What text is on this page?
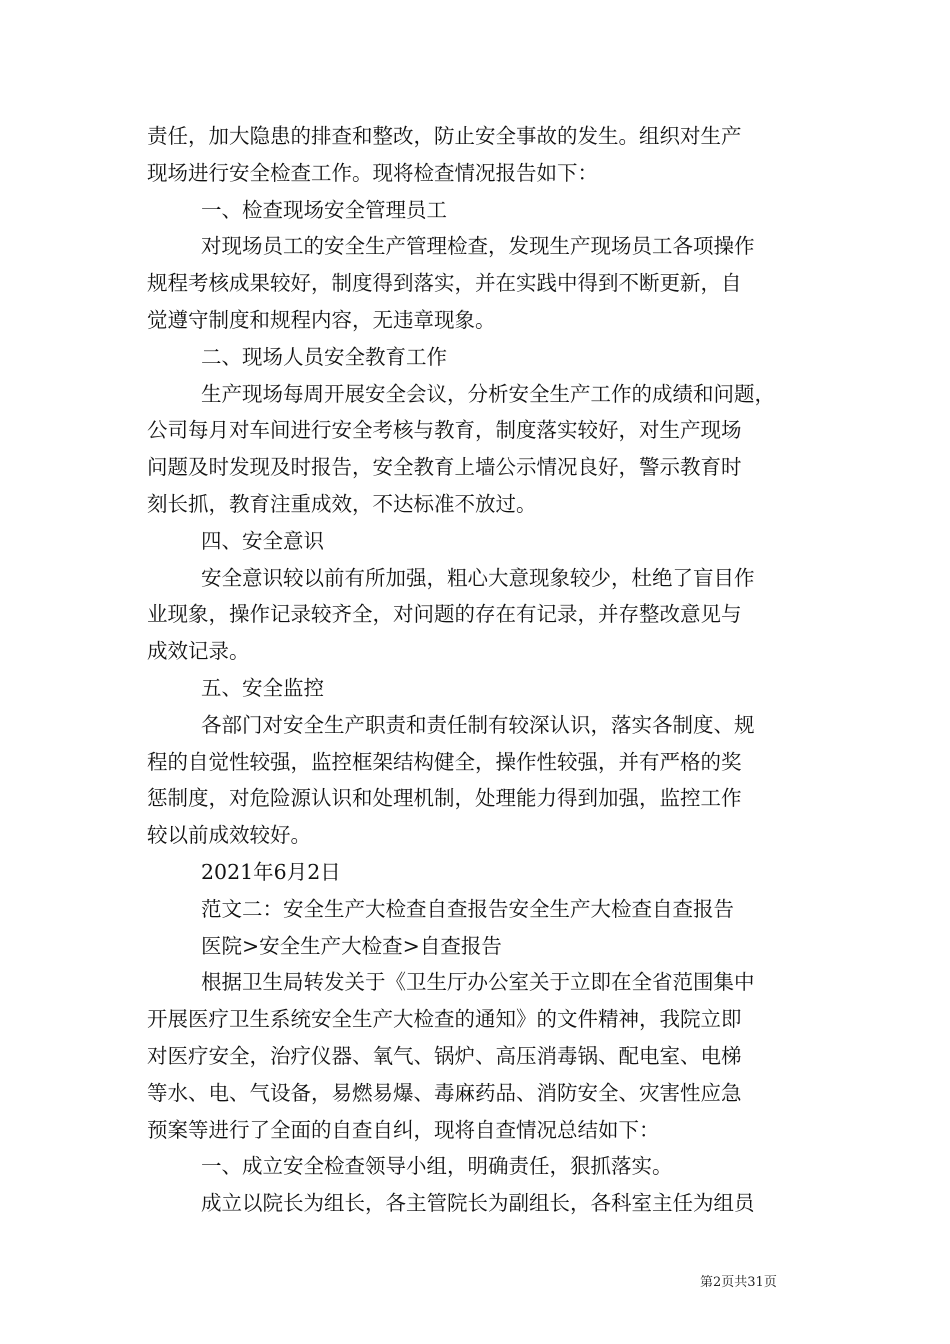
责任，加大隐患的排查和整改，防止安全事故的发生。组织对生产
现场进行安全检查工作。现将检查情况报告如下：
一、检查现场安全管理员工
对现场员工的安全生产管理检查，发现生产现场员工各项操作
规程考核成果较好，制度得到落实，并在实践中得到不断更新，自
觉遵守制度和规程内容，无违章现象。
二、现场人员安全教育工作
生产现场每周开展安全会议，分析安全生产工作的成绩和问题，
公司每月对车间进行安全考核与教育，制度落实较好，对生产现场
问题及时发现及时报告，安全教育上墙公示情况良好，警示教育时
刻长抓，教育注重成效，不达标准不放过。
四、安全意识
安全意识较以前有所加强，粗心大意现象较少，杜绝了盲目作
业现象，操作记录较齐全，对问题的存在有记录，并存整改意见与
成效记录。
五、安全监控
各部门对安全生产职责和责任制有较深认识，落实各制度、规
程的自觉性较强，监控框架结构健全，操作性较强，并有严格的奖
惩制度，对危险源认识和处理机制，处理能力得到加强，监控工作
较以前成效较好。
2021年6月2日
范文二：安全生产大检查自查报告安全生产大检查自查报告
医院>安全生产大检查>自查报告
根据卫生局转发关于《卫生厅办公室关于立即在全省范围集中
开展医疗卫生系统安全生产大检查的通知》的文件精神，我院立即
对医疗安全，治疗仪器、氧气、锅炉、高压消毒锅、配电室、电梯
等水、电、气设备，易燃易爆、毒麻药品、消防安全、灾害性应急
预案等进行了全面的自查自纠，现将自查情况总结如下：
一、成立安全检查领导小组，明确责任，狠抓落实。
成立以院长为组长，各主管院长为副组长，各科室主任为组员
第2页共31页
